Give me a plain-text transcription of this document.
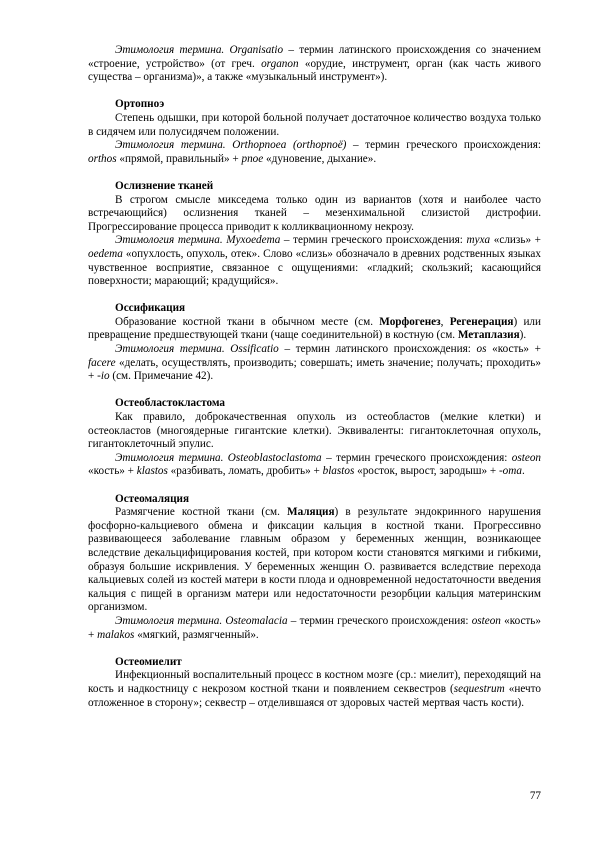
Этимология термина. Organisatio – термин латинского происхождения со значением «строение, устройство» (от греч. organon «орудие, инструмент, орган (как часть живого существа – организма)», а также «музыкальный инструмент»).

Ортопноэ

Степень одышки, при которой больной получает достаточное количество воздуха только в сидячем или полусидячем положении.

Этимология термина. Orthopnoea (orthopnoё) – термин греческого происхождения: orthos «прямой, правильный» + pnoe «дуновение, дыхание».

Ослизнение тканей

В строгом смысле микседема только один из вариантов (хотя и наиболее часто встречающийся) ослизнения тканей – мезенхимальной слизистой дистрофии. Прогрессирование процесса приводит к колликвационному некрозу.

Этимология термина. Myxoedema – термин греческого происхождения: myxa «слизь» + oedema «опухлость, опухоль, отек». Слово «слизь» обозначало в древних родственных языках чувственное восприятие, связанное с ощущениями: «гладкий; скользкий; касающийся поверхности; марающий; крадущийся».

Оссификация

Образование костной ткани в обычном месте (см. Морфогенез, Регенерация) или превращение предшествующей ткани (чаще соединительной) в костную (см. Метаплазия).

Этимология термина. Ossificatio – термин латинского происхождения: os «кость» + facere «делать, осуществлять, производить; совершать; иметь значение; получать; проходить» + -io (см. Примечание 42).

Остеобластокластома

Как правило, доброкачественная опухоль из остеобластов (мелкие клетки) и остеокластов (многоядерные гигантские клетки). Эквиваленты: гигантоклеточная опухоль, гигантоклеточный эпулис.

Этимология термина. Osteoblastoclastoma – термин греческого происхождения: osteon «кость» + klastos «разбивать, ломать, дробить» + blastos «росток, вырост, зародыш» + -oma.

Остеомаляция

Размягчение костной ткани (см. Маляция) в результате эндокринного нарушения фосфорно-кальциевого обмена и фиксации кальция в костной ткани. Прогрессивно развивающееся заболевание главным образом у беременных женщин, возникающее вследствие декальцифицирования костей, при котором кости становятся мягкими и гибкими, образуя большие искривления. У беременных женщин О. развивается вследствие перехода кальциевых солей из костей матери в кости плода и одновременной недостаточности введения кальция с пищей в организм матери или недостаточности резорбции кальция материнским организмом.

Этимология термина. Osteomalacia – термин греческого происхождения: osteon «кость» + malakos «мягкий, размягченный».

Остеомиелит

Инфекционный воспалительный процесс в костном мозге (ср.: миелит), переходящий на кость и надкостницу с некрозом костной ткани и появлением секвестров (sequestrum «нечто отложенное в сторону»; секвестр – отделившаяся от здоровых частей мертвая часть кости).

77
